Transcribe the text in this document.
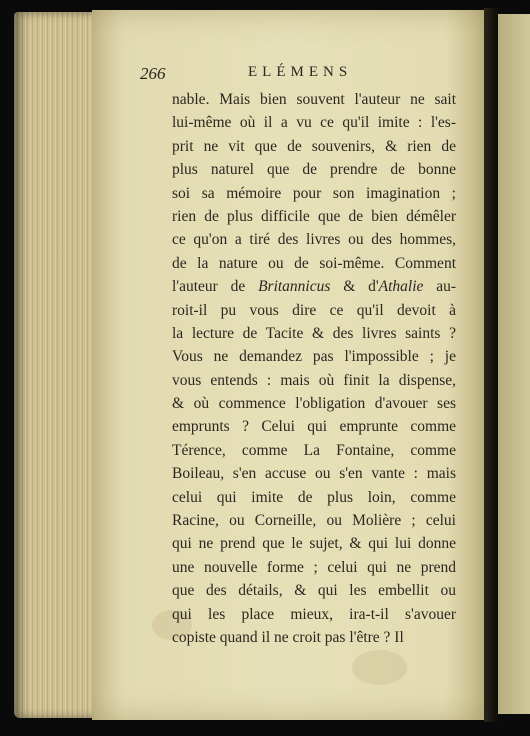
266	ELÉMENS
nable. Mais bien souvent l'auteur ne sait
lui-même où il a vu ce qu'il imite : l'es-
prit ne vit que de souvenirs, & rien de
plus naturel que de prendre de bonne
soi sa mémoire pour son imagination ;
rien de plus difficile que de bien démêler
ce qu'on a tiré des livres ou des hommes,
de la nature ou de soi-même. Comment
l'auteur de Britannicus & d'Athalie au-
roit-il pu vous dire ce qu'il devoit à
la lecture de Tacite & des livres saints ?
Vous ne demandez pas l'impossible ; je
vous entends : mais où finit la dispense,
& où commence l'obligation d'avouer ses
emprunts ? Celui qui emprunte comme
Térence, comme La Fontaine, comme
Boileau, s'en accuse ou s'en vante : mais
celui qui imite de plus loin, comme
Racine, ou Corneille, ou Molière ; celui
qui ne prend que le sujet, & qui lui donne
une nouvelle forme ; celui qui ne prend
que des détails, & qui les embellit ou
qui les place mieux, ira-t-il s'avouer
copiste quand il ne croit pas l'être ? Il
